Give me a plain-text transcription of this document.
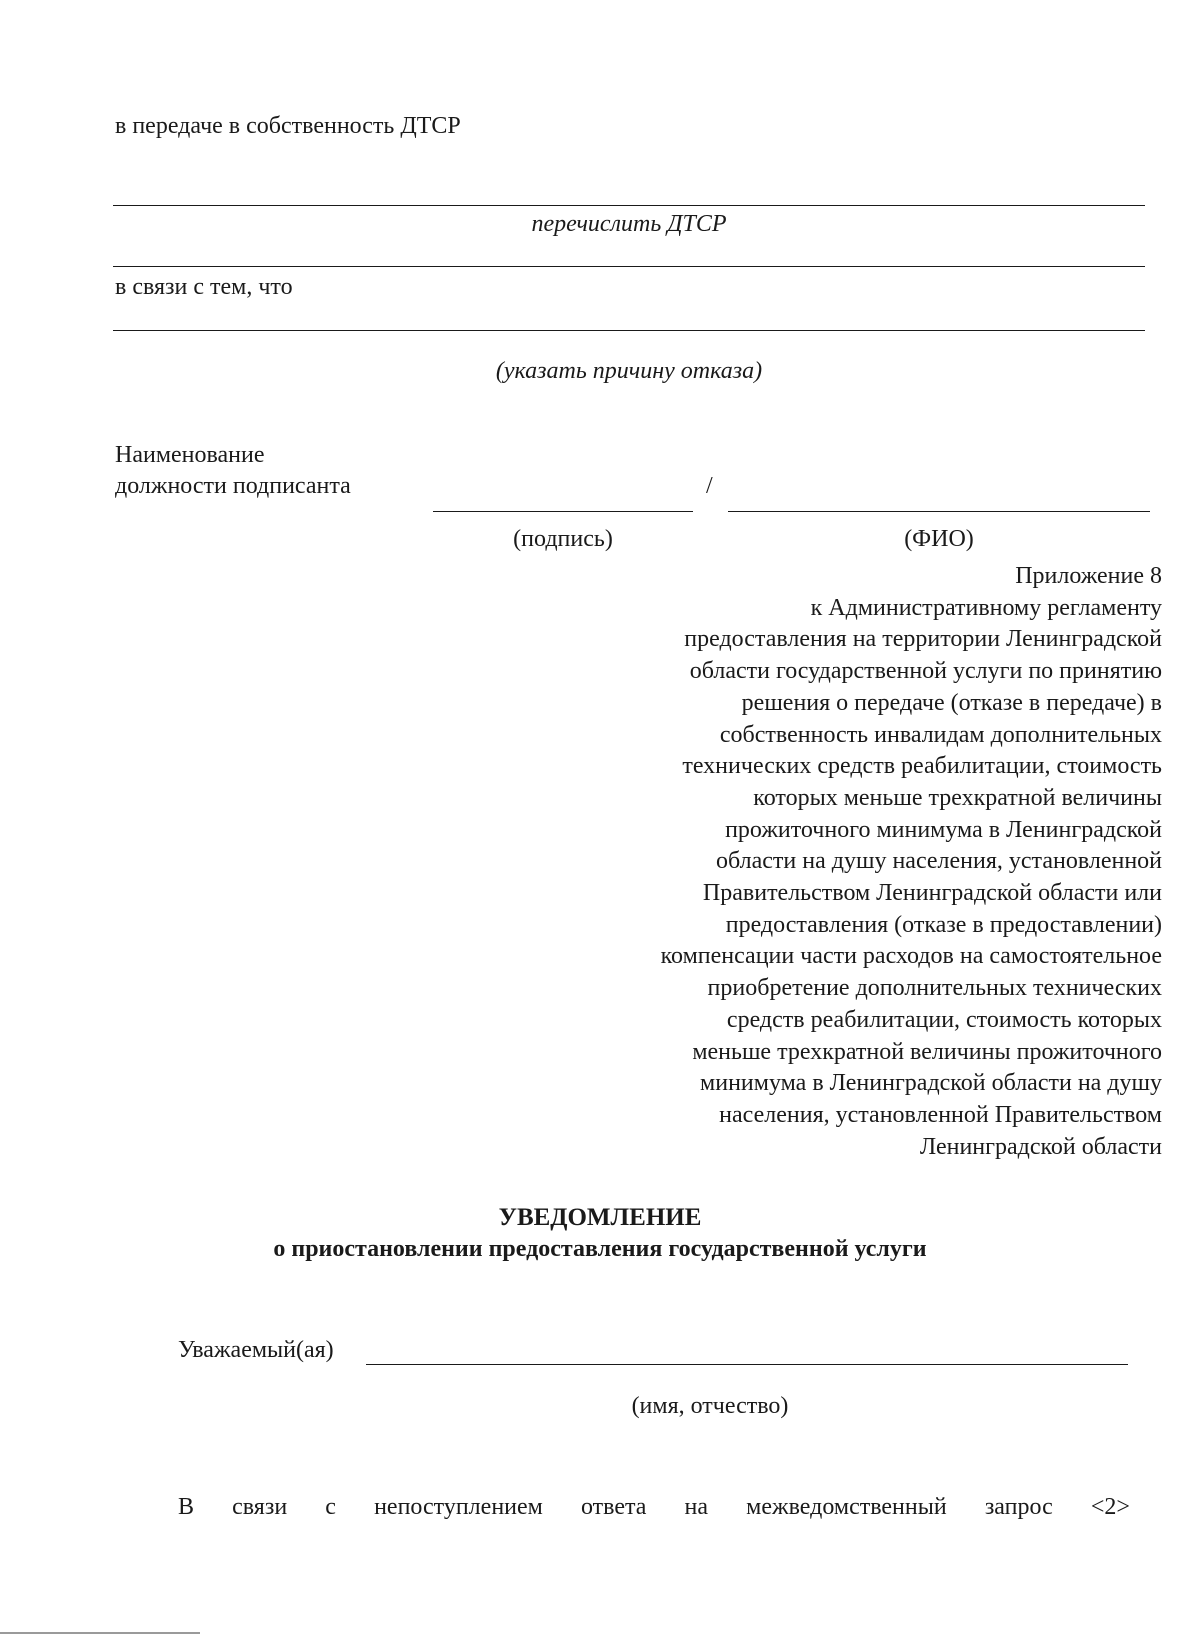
в передаче в собственность ДТСР
перечислить ДТСР
в связи с тем, что
(указать причину отказа)
Наименование
должности подписанта	/
(подпись)	(ФИО)
Приложение 8
к Административному регламенту
предоставления на территории Ленинградской
области государственной услуги по принятию
решения о передаче (отказе в передаче) в
собственность инвалидам дополнительных
технических средств реабилитации, стоимость
которых меньше трехкратной величины
прожиточного минимума в Ленинградской
области на душу населения, установленной
Правительством Ленинградской области или
предоставления (отказе в предоставлении)
компенсации части расходов на самостоятельное
приобретение дополнительных технических
средств реабилитации, стоимость которых
меньше трехкратной величины прожиточного
минимума в Ленинградской области на душу
населения, установленной Правительством
Ленинградской области
УВЕДОМЛЕНИЕ
о приостановлении предоставления государственной услуги
Уважаемый(ая)
(имя, отчество)
В связи с непоступлением ответа на межведомственный запрос <2>
